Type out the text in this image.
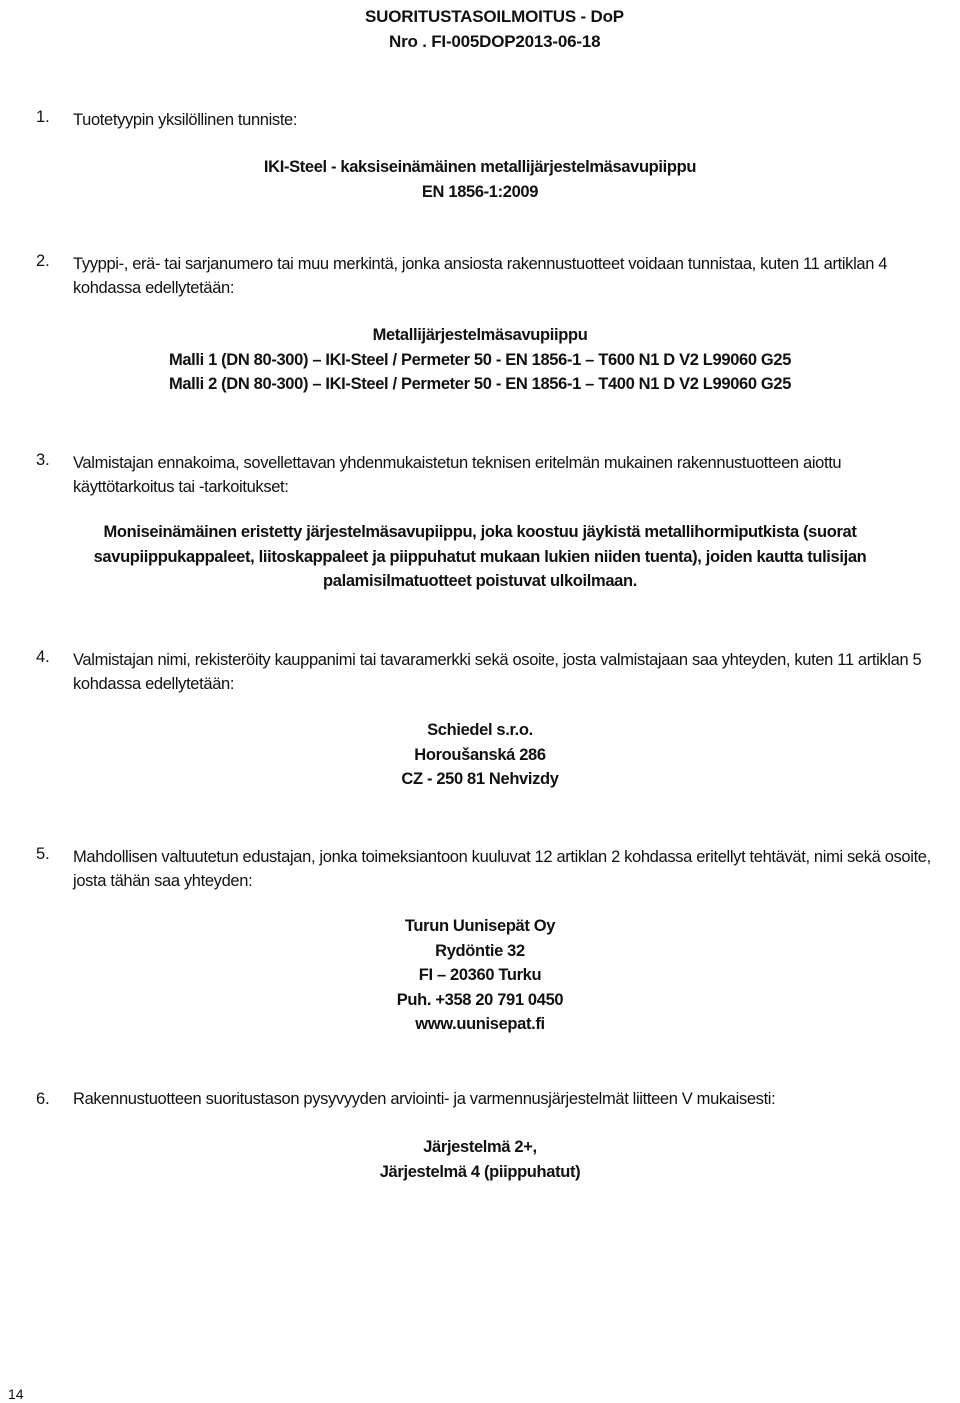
SUORITUSTASOILMOITUS - DoP
Nro . FI-005DOP2013-06-18
1. Tuotetyypin yksilöllinen tunniste:
IKI-Steel - kaksiseinämäinen metallijärjestelmäsavupiippu
EN 1856-1:2009
2. Tyyppi-, erä- tai sarjanumero tai muu merkintä, jonka ansiosta rakennustuotteet voidaan tunnistaa, kuten 11 artiklan 4 kohdassa edellytetään:
Metallijärjestelmäsavupiippu
Malli 1 (DN 80-300) – IKI-Steel / Permeter 50 - EN 1856-1 – T600 N1 D V2 L99060 G25
Malli 2 (DN 80-300) – IKI-Steel / Permeter 50 - EN 1856-1 – T400 N1 D V2 L99060 G25
3. Valmistajan ennakoima, sovellettavan yhdenmukaistetun teknisen eritelmän mukainen rakennustuotteen aiottu käyttötarkoitus tai -tarkoitukset:
Moniseinämäinen eristetty järjestelmäsavupiippu, joka koostuu jäykistä metallihormiputkista (suorat
savupiippukappaleet, liitoskappaleet ja piippuhatut mukaan lukien niiden tuenta), joiden kautta tulisijan
palamisilmatuotteet poistuvat ulkoilmaan.
4. Valmistajan nimi, rekisteröity kauppanimi tai tavaramerkki sekä osoite, josta valmistajaan saa yhteyden, kuten 11 artiklan 5 kohdassa edellytetään:
Schiedel s.r.o.
Horoušanská 286
CZ - 250 81 Nehvizdy
5. Mahdollisen valtuutetun edustajan, jonka toimeksiantoon kuuluvat 12 artiklan 2 kohdassa eritellyt tehtävät, nimi sekä osoite, josta tähän saa yhteyden:
Turun Uunisepät Oy
Rydöntie 32
FI – 20360 Turku
Puh. +358 20 791 0450
www.uunisepat.fi
6. Rakennustuotteen suoritustason pysyvyyden arviointi- ja varmennusjärjestelmät liitteen V mukaisesti:
Järjestelmä 2+,
Järjestelmä 4 (piippuhatut)
14
